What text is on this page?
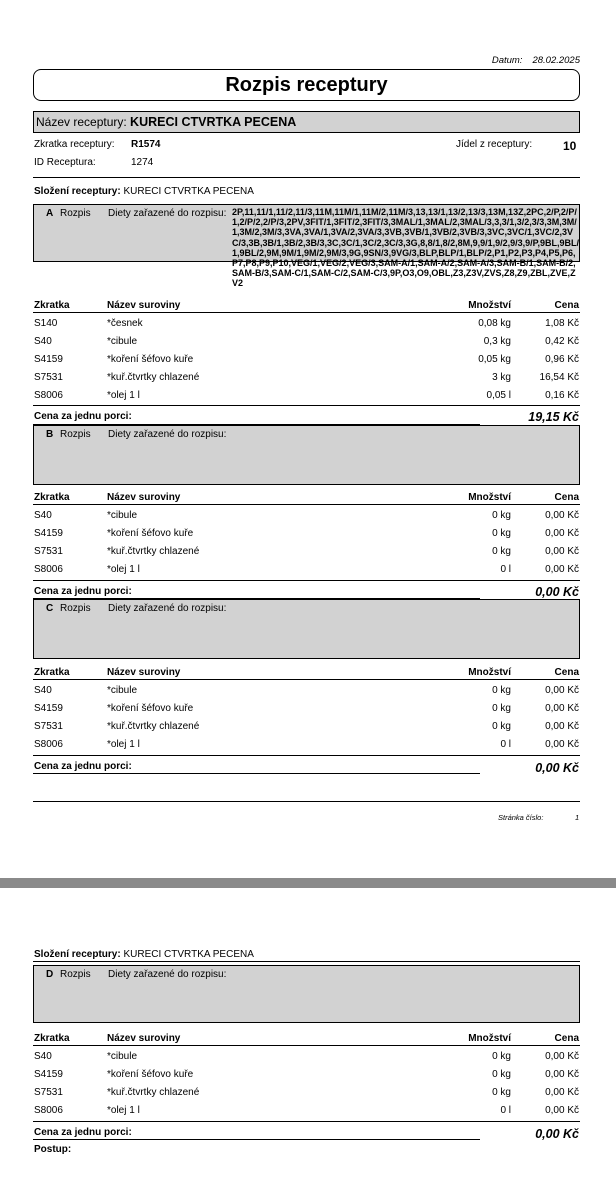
Datum: 28.02.2025
Rozpis receptury
Název receptury: KURECI CTVRTKA PECENA
Zkratka receptury: R1574	Jídel z receptury:	10
ID Receptura:	1274
Složení receptury: KURECI CTVRTKA PECENA
A Rozpis Diety zařazené do rozpisu: 2P,11,11/1,11/2,11/3,11M,11M/1,11M/2,11M/3,13,13/1,13/2,13/3,13M,13Z,2PC,2/P,2/P/1,2/P/2,2/P/3,2PV,3FIT/1,3FIT/2,3FIT/3,3MAL/1,3MAL/2,3MAL/3,3,3/1,3/2,3/3,3M,3M/1,3M/2,3M/3,3VA,3VA/1,3VA/2,3VA/3,3VB,3VB/1,3VB/2,3VB/3,3VC,3VC/1,3VC/2,3VC/3,3B,3B/1,3B/2,3B/3,3C,3C/1,3C/2,3C/3,3G,8,8/1,8/2,8M,9,9/1,9/2,9/3,9/P,9BL,9BL/1,9BL/2,9M,9M/1,9M/2,9M/3,9G,9SN/3,9VG/3,BLP,BLP/1,BLP/2,P1,P2,P3,P4,P5,P6,P7,P8,P9,P10,VEG/1,VEG/2,VEG/3,SAM-A/1,SAM-A/2,SAM-A/3,SAM-B/1,SAM-B/2,SAM-B/3,SAM-C/1,SAM-C/2,SAM-C/3,9P,O3,O9,OBL,Z3,Z3V,ZVS,Z8,Z9,ZBL,ZVE,ZV2
Zkratka	Název suroviny	Množství	Cena
S140	*česnek	0,08 kg	1,08 Kč
S40	*cibule	0,3 kg	0,42 Kč
S4159	*koření šéfovo kuře	0,05 kg	0,96 Kč
S7531	*kuř.čtvrtky chlazené	3 kg	16,54 Kč
S8006	*olej 1 l	0,05 l	0,16 Kč
Cena za jednu porci:	19,15 Kč
B Rozpis Diety zařazené do rozpisu:
Zkratka	Název suroviny	Množství	Cena
S40	*cibule	0 kg	0,00 Kč
S4159	*koření šéfovo kuře	0 kg	0,00 Kč
S7531	*kuř.čtvrtky chlazené	0 kg	0,00 Kč
S8006	*olej 1 l	0 l	0,00 Kč
Cena za jednu porci:	0,00 Kč
C Rozpis Diety zařazené do rozpisu:
Zkratka	Název suroviny	Množství	Cena
S40	*cibule	0 kg	0,00 Kč
S4159	*koření šéfovo kuře	0 kg	0,00 Kč
S7531	*kuř.čtvrtky chlazené	0 kg	0,00 Kč
S8006	*olej 1 l	0 l	0,00 Kč
Cena za jednu porci:	0,00 Kč
Stránka číslo:	1
Složení receptury: KURECI CTVRTKA PECENA
D Rozpis Diety zařazené do rozpisu:
Zkratka	Název suroviny	Množství	Cena
S40	*cibule	0 kg	0,00 Kč
S4159	*koření šéfovo kuře	0 kg	0,00 Kč
S7531	*kuř.čtvrtky chlazené	0 kg	0,00 Kč
S8006	*olej 1 l	0 l	0,00 Kč
Cena za jednu porci:	0,00 Kč
Postup:
